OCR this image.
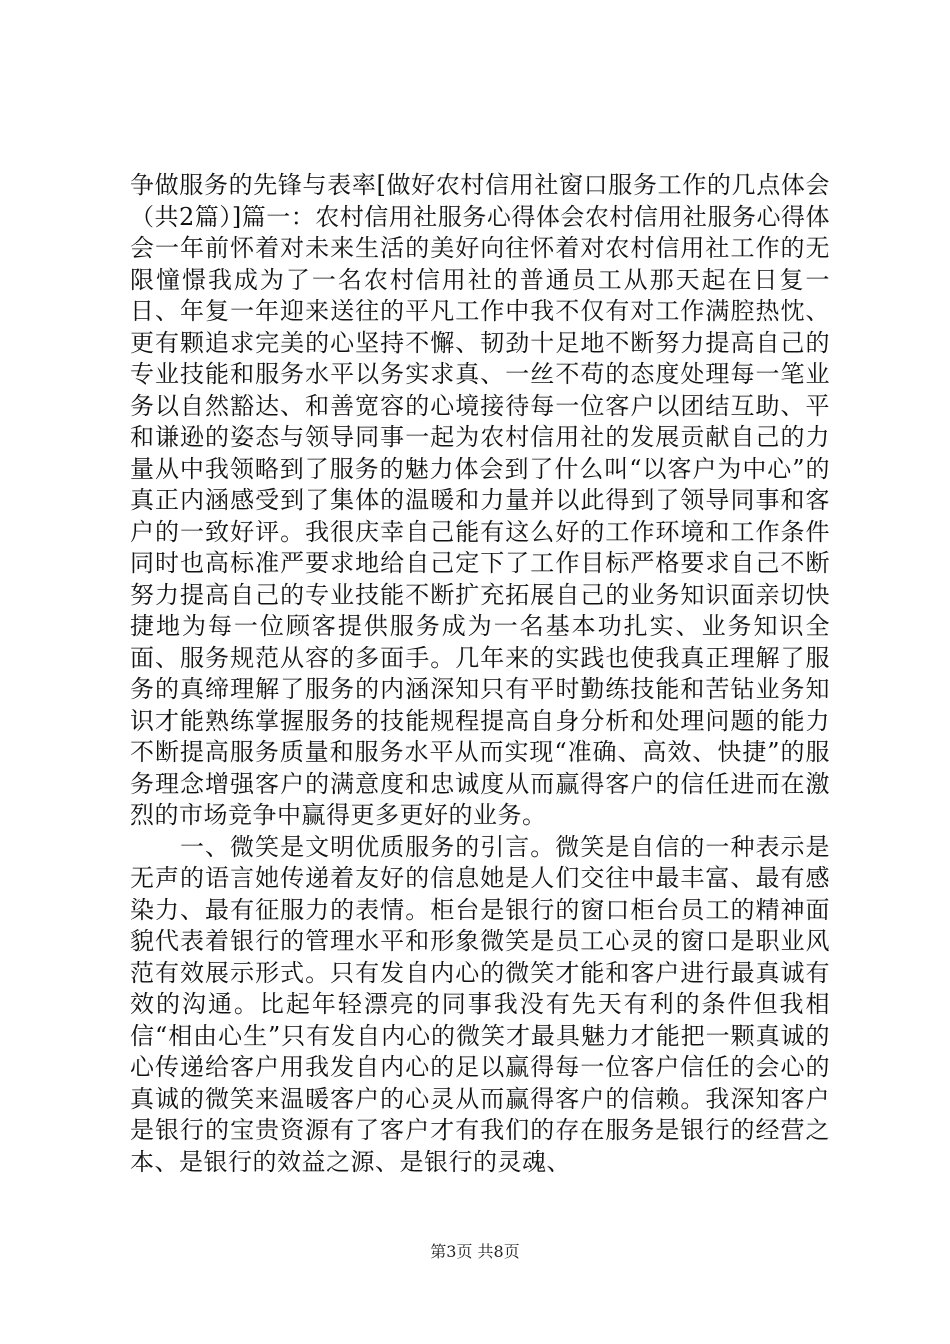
争做服务的先锋与表率[做好农村信用社窗口服务工作的几点体会（共2篇）]篇一：农村信用社服务心得体会农村信用社服务心得体会一年前怀着对未来生活的美好向往怀着对农村信用社工作的无限憧憬我成为了一名农村信用社的普通员工从那天起在日复一日、年复一年迎来送往的平凡工作中我不仅有对工作满腔热忱、更有颗追求完美的心坚持不懈、韧劲十足地不断努力提高自己的专业技能和服务水平以务实求真、一丝不苟的态度处理每一笔业务以自然豁达、和善宽容的心境接待每一位客户以团结互助、平和谦逊的姿态与领导同事一起为农村信用社的发展贡献自己的力量从中我领略到了服务的魅力体会到了什么叫“以客户为中心”的真正内涵感受到了集体的温暖和力量并以此得到了领导同事和客户的一致好评。我很庆幸自己能有这么好的工作环境和工作条件同时也高标准严要求地给自己定下了工作目标严格要求自己不断努力提高自己的专业技能不断扩充拓展自己的业务知识面亲切快捷地为每一位顾客提供服务成为一名基本功扎实、业务知识全面、服务规范从容的多面手。几年来的实践也使我真正理解了服务的真缔理解了服务的内涵深知只有平时勤练技能和苦钻业务知识才能熟练掌握服务的技能规程提高自身分析和处理问题的能力不断提高服务质量和服务水平从而实现“准确、高效、快捷”的服务理念增强客户的满意度和忠诚度从而赢得客户的信任进而在激烈的市场竞争中赢得更多更好的业务。

一、微笑是文明优质服务的引言。微笑是自信的一种表示是无声的语言她传递着友好的信息她是人们交往中最丰富、最有感染力、最有征服力的表情。柜台是银行的窗口柜台员工的精神面貌代表着银行的管理水平和形象微笑是员工心灵的窗口是职业风范有效展示形式。只有发自内心的微笑才能和客户进行最真诚有效的沟通。比起年轻漂亮的同事我没有先天有利的条件但我相信“相由心生”只有发自内心的微笑才最具魅力才能把一颗真诚的心传递给客户用我发自内心的足以赢得每一位客户信任的会心的真诚的微笑来温暖客户的心灵从而赢得客户的信赖。我深知客户是银行的宝贵资源有了客户才有我们的存在服务是银行的经营之本、是银行的效益之源、是银行的灵魂、

第3页 共8页
